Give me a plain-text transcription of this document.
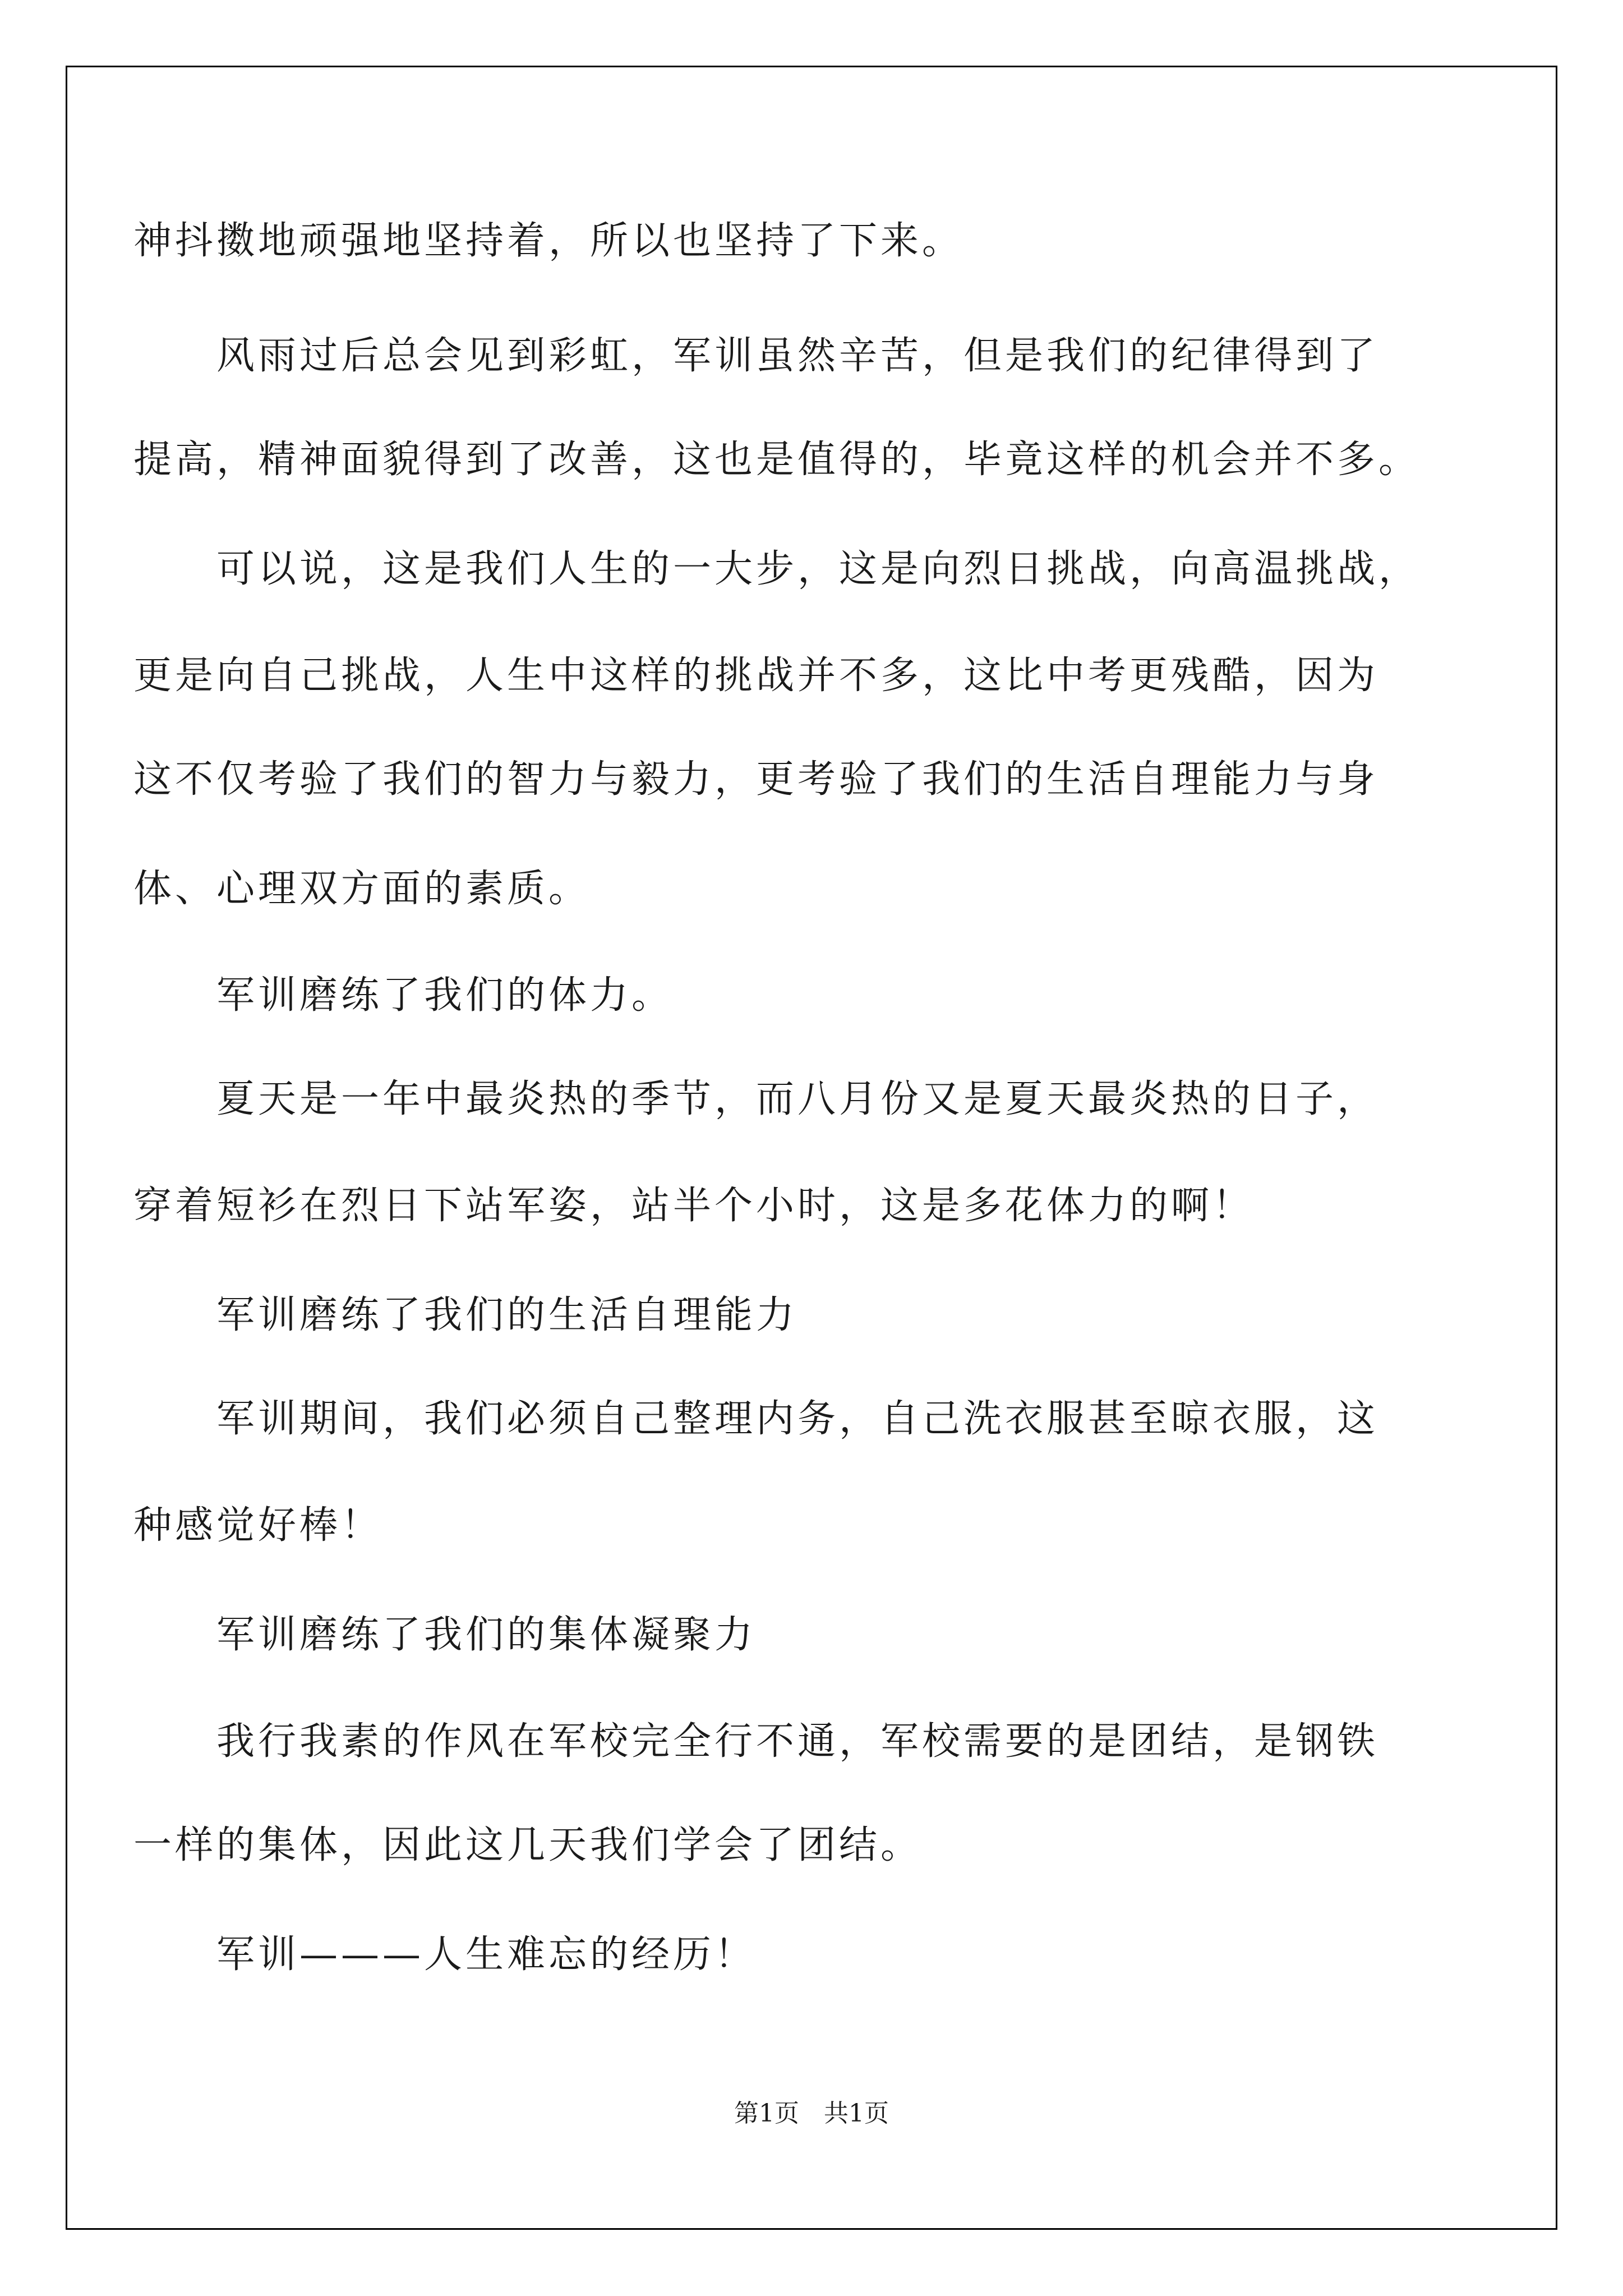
神抖擞地顽强地坚持着，所以也坚持了下来。
　　风雨过后总会见到彩虹，军训虽然辛苦，但是我们的纪律得到了
提高，精神面貌得到了改善，这也是值得的，毕竟这样的机会并不多。
　　可以说，这是我们人生的一大步，这是向烈日挑战，向高温挑战，
更是向自己挑战，人生中这样的挑战并不多，这比中考更残酷，因为
这不仅考验了我们的智力与毅力，更考验了我们的生活自理能力与身
体、心理双方面的素质。
　　军训磨练了我们的体力。
　　夏天是一年中最炎热的季节，而八月份又是夏天最炎热的日子，
穿着短衫在烈日下站军姿，站半个小时，这是多花体力的啊！
　　军训磨练了我们的生活自理能力
　　军训期间，我们必须自己整理内务，自己洗衣服甚至晾衣服，这
种感觉好棒！
　　军训磨练了我们的集体凝聚力
　　我行我素的作风在军校完全行不通，军校需要的是团结，是钢铁
一样的集体，因此这几天我们学会了团结。
　　军训———人生难忘的经历！
第1页　共1页
